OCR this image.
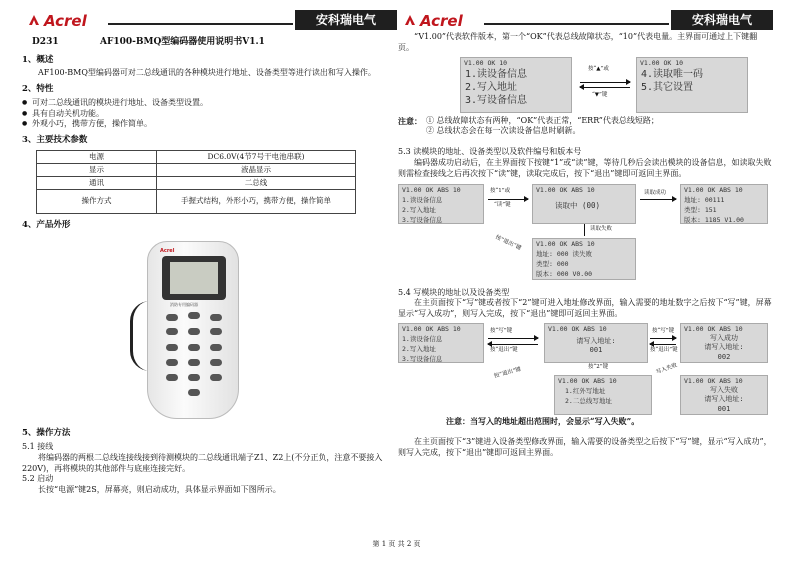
Acrel	安科瑞电气
D231	AF100-BMQ型编码器使用说明书V1.1
1、概述

AF100-BMQ型编码器可对二总线通讯的各种模块进行地址、设备类型等进行读出和写入操作。

2、特性

● 可对二总线通讯的模块进行地址、设备类型设置。

● 具有自动关机功能。

● 外观小巧，携带方便，操作简单。

3、主要技术参数
电源	DC6.0V(4节7号干电池串联)
显示	液晶显示
通讯	二总线
操作方式	手握式结构，外形小巧，携带方便，操作简单
4、产品外形
Acrel
消防专用编码器
5、操作方法

5.1 接线

将编码器的两根二总线连接线接到待测模块的二总线通讯端子Z1、Z2上(不分正负，注意不要接入220V)，再将模块的其他部件与底座连接完好。

5.2 启动

长按“电源”键2S，屏幕亮，则启动成功，具体显示界面如下图所示。

Acrel	安科瑞电气

“V1.00”代表软件版本，第一个“OK”代表总线故障状态，“10”代表电量。主界面可通过上下键翻页。

V1.00 OK 10
1.读设备信息
2.写入地址
3.写设备信息
按“▲”或
“▼”键
V1.00 OK 10
4.读取唯一码
5.其它设置

注意： ① 总线故障状态有两种，“OK”代表正常，“ERR”代表总线短路；

② 总线状态会在每一次读设备信息时刷新。

5.3 读模块的地址、设备类型以及软件编号和版本号

编码器成功启动后，在主界面按下按键“1”或“读”键，等待几秒后会读出模块的设备信息，如读取失败则需检查接线之后再次按下“读”键，读取完成后，按下“退出”键即可返回主界面。

V1.00 OK ABS 10
1.读设备信息
2.写入地址
3.写设备信息
按“1”或
“读”键
V1.00 OK ABS 10
读取中 (00)
读取成功	V1.00 OK ABS 10
地址: 00111
类型: 151
版本: 1185 V1.00
读取失败
按“退出”键	V1.00 OK ABS 10
地址: 000 读失败
类型: 000
版本: 000 V0.00

5.4 写模块的地址以及设备类型

在主页面按下“写”键或者按下“2”键可进入地址修改界面，输入需要的地址数字之后按下“写”键，屏幕显示“写入成功”，则写入完成，按下“退出”键即可返回主界面。

V1.00 OK ABS 10
1.读设备信息
2.写入地址
3.写设备信息
按“写”键
按“退出”键
V1.00 OK ABS 10
请写入地址:
001
按“写”键
按“退出”键
V1.00 OK ABS 10
写入成功
请写入地址:
002
按“2”键
按“退出”键
V1.00 OK ABS 10
1.红外写地址
2.二总线写地址
写入失败
V1.00 OK ABS 10
写入失败
请写入地址:
001

注意：当写入的地址超出范围时，会显示“写入失败”。

在主页面按下“3”键进入设备类型修改界面，输入需要的设备类型之后按下“写”键，显示“写入成功”，则写入完成，按下“退出”键即可返回主界面。

第 1 页 共 2 页
